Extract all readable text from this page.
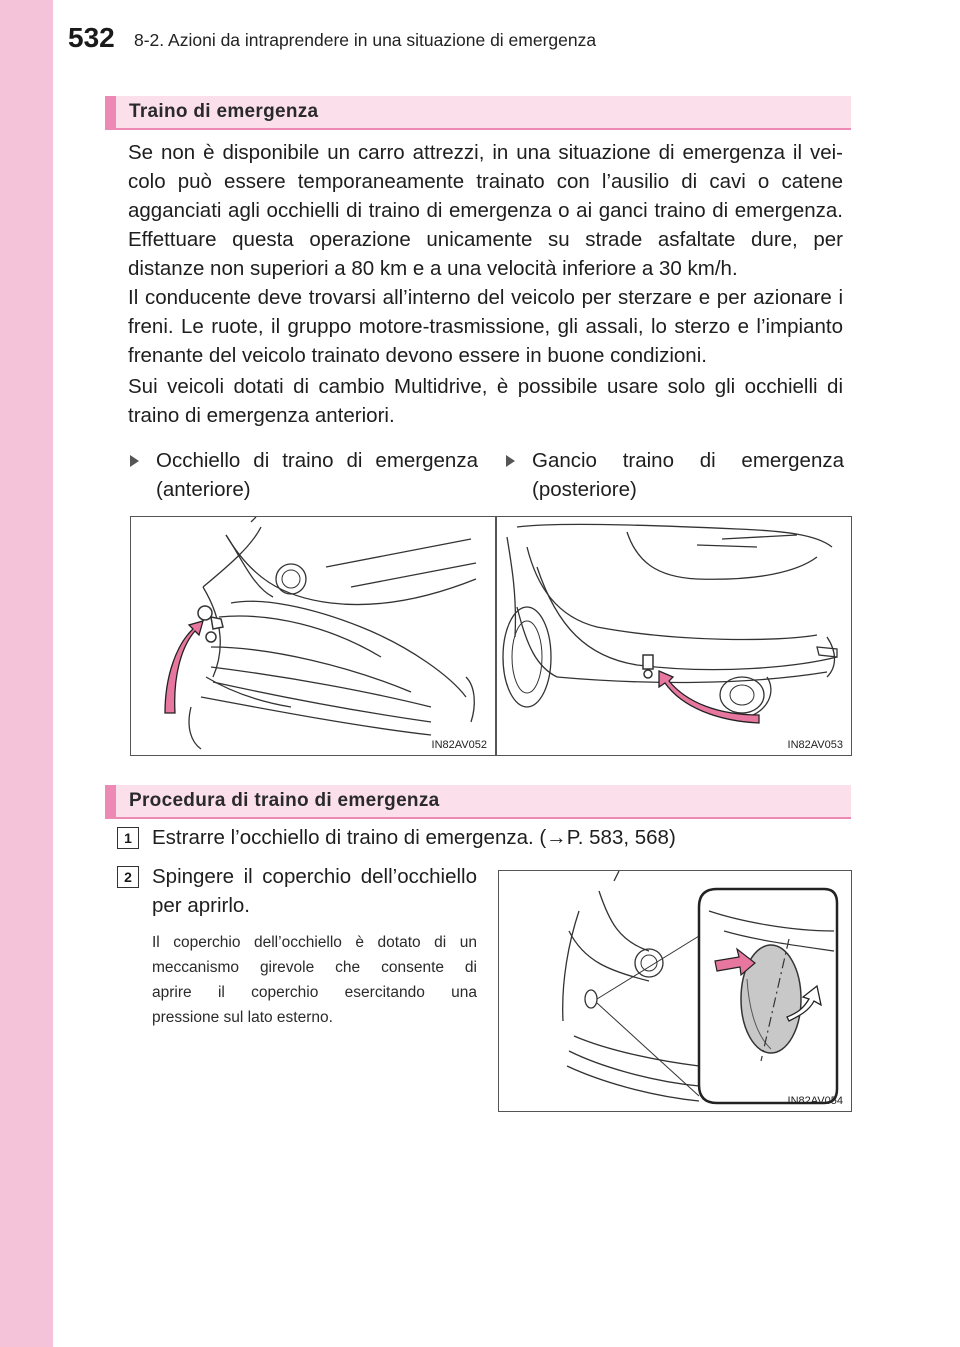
532 8-2. Azioni da intraprendere in una situazione di emergenza
Traino di emergenza
Se non è disponibile un carro attrezzi, in una situazione di emergenza il vei-
colo può essere temporaneamente trainato con l’ausilio di cavi o catene
agganciati agli occhielli di traino di emergenza o ai ganci traino di emergenza.
Effettuare questa operazione unicamente su strade asfaltate dure, per
distanze non superiori a 80 km e a una velocità inferiore a 30 km/h.
Il conducente deve trovarsi all’interno del veicolo per sterzare e per azionare i
freni. Le ruote, il gruppo motore-trasmissione, gli assali, lo sterzo e l’impianto
frenante del veicolo trainato devono essere in buone condizioni.
Sui veicoli dotati di cambio Multidrive, è possibile usare solo gli occhielli di
traino di emergenza anteriori.
Occhiello di traino di emergenza
(anteriore)
Gancio traino di emergenza
(posteriore)
IN82AV052	IN82AV053
Procedura di traino di emergenza
1 Estrarre l’occhiello di traino di emergenza. (→P. 583, 568)
2 Spingere il coperchio dell’occhiello
per aprirlo.
Il coperchio dell’occhiello è dotato di un
meccanismo girevole che consente di
aprire il coperchio esercitando una
pressione sul lato esterno.
IN82AV054
